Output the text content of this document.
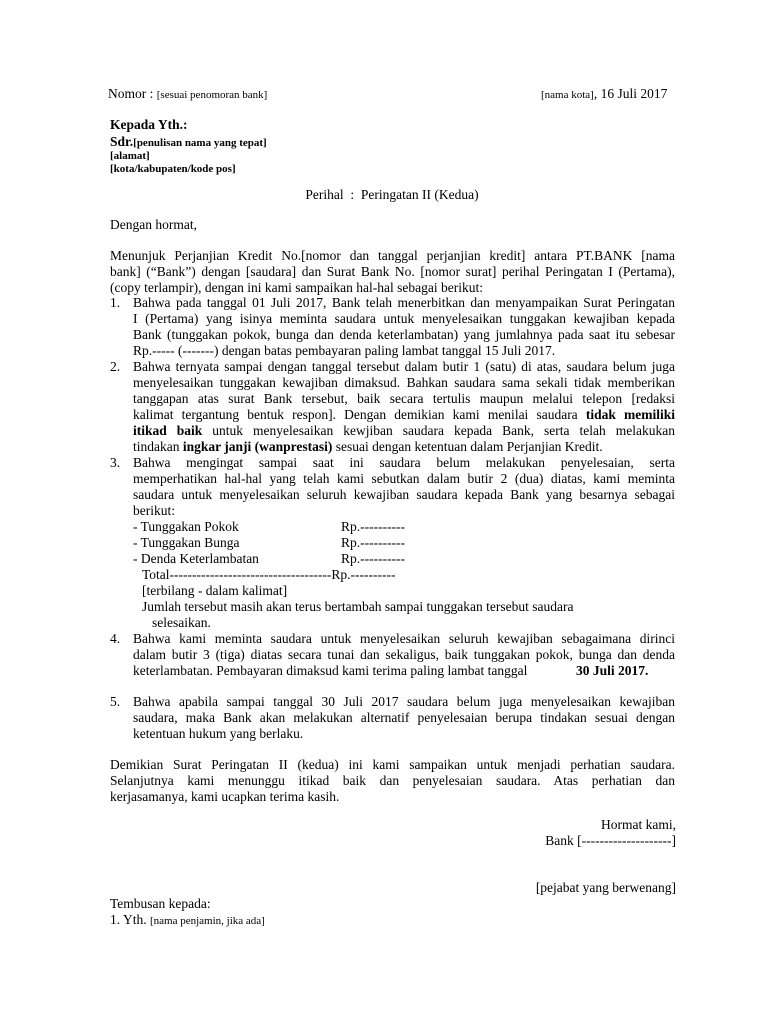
Nomor : [sesuai penomoran bank]	[nama kota], 16 Juli 2017
Kepada Yth.:
Sdr.[penulisan nama yang tepat]
[alamat]
[kota/kabupaten/kode pos]
Perihal  :  Peringatan II (Kedua)
Dengan hormat,
Menunjuk Perjanjian Kredit No.[nomor dan tanggal perjanjian kredit] antara PT.BANK [nama
bank] (“Bank”) dengan [saudara] dan Surat Bank No. [nomor surat] perihal Peringatan I (Pertama),
(copy terlampir), dengan ini kami sampaikan hal-hal sebagai berikut:
1. Bahwa pada tanggal 01 Juli 2017, Bank telah menerbitkan dan menyampaikan Surat Peringatan
I (Pertama) yang isinya meminta saudara untuk menyelesaikan tunggakan kewajiban kepada
Bank (tunggakan pokok, bunga dan denda keterlambatan) yang jumlahnya pada saat itu sebesar
Rp.----- (-------) dengan batas pembayaran paling lambat tanggal 15 Juli 2017.
2. Bahwa ternyata sampai dengan tanggal tersebut dalam butir 1 (satu) di atas, saudara belum juga
menyelesaikan tunggakan kewajiban dimaksud. Bahkan saudara sama sekali tidak memberikan
tanggapan atas surat Bank tersebut, baik secara tertulis maupun melalui telepon [redaksi
kalimat tergantung bentuk respon]. Dengan demikian kami menilai saudara tidak memiliki
itikad baik untuk menyelesaikan kewjiban saudara kepada Bank, serta telah melakukan
tindakan ingkar janji (wanprestasi) sesuai dengan ketentuan dalam Perjanjian Kredit.
3. Bahwa mengingat sampai saat ini saudara belum melakukan penyelesaian, serta
memperhatikan hal-hal yang telah kami sebutkan dalam butir 2 (dua) diatas, kami meminta
saudara untuk menyelesaikan seluruh kewajiban saudara kepada Bank yang besarnya sebagai
berikut:
- Tunggakan Pokok	Rp.----------
- Tunggakan Bunga	Rp.----------
- Denda Keterlambatan	Rp.----------
Total------------------------------------Rp.----------
[terbilang - dalam kalimat]
Jumlah tersebut masih akan terus bertambah sampai tunggakan tersebut saudara
selesaikan.
4. Bahwa kami meminta saudara untuk menyelesaikan seluruh kewajiban sebagaimana dirinci
dalam butir 3 (tiga) diatas secara tunai dan sekaligus, baik tunggakan pokok, bunga dan denda
keterlambatan. Pembayaran dimaksud kami terima paling lambat tanggal	30 Juli 2017.
5. Bahwa apabila sampai tanggal 30 Juli 2017 saudara belum juga menyelesaikan kewajiban
saudara, maka Bank akan melakukan alternatif penyelesaian berupa tindakan sesuai dengan
ketentuan hukum yang berlaku.
Demikian Surat Peringatan II (kedua) ini kami sampaikan untuk menjadi perhatian saudara.
Selanjutnya kami menunggu itikad baik dan penyelesaian saudara. Atas perhatian dan
kerjasamanya, kami ucapkan terima kasih.
Hormat kami,
Bank [--------------------]
[pejabat yang berwenang]
Tembusan kepada:
1. Yth. [nama penjamin, jika ada]
